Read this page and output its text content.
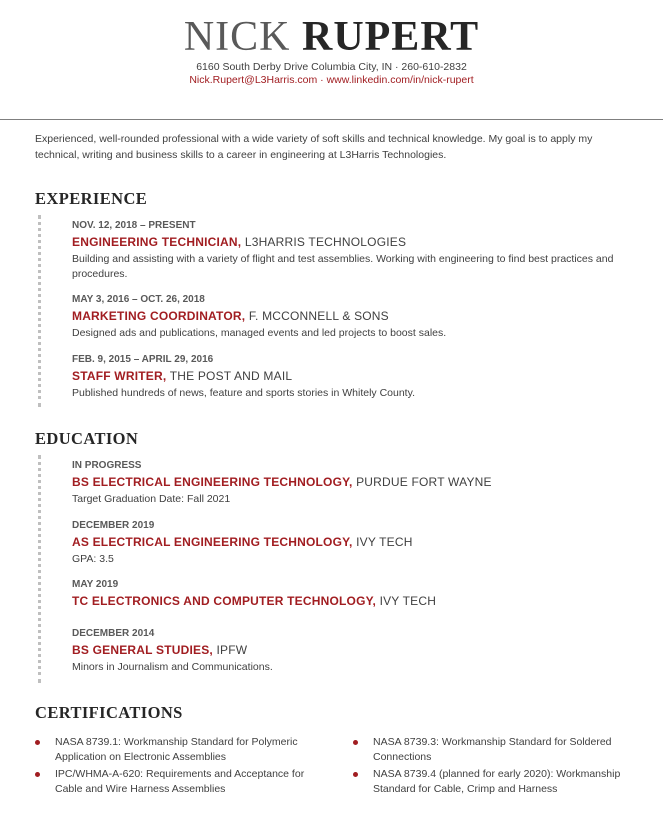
NICK RUPERT
6160 South Derby Drive Columbia City, IN · 260-610-2832
Nick.Rupert@L3Harris.com · www.linkedin.com/in/nick-rupert
Experienced, well-rounded professional with a wide variety of soft skills and technical knowledge. My goal is to apply my technical, writing and business skills to a career in engineering at L3Harris Technologies.
EXPERIENCE
NOV. 12, 2018 – PRESENT
ENGINEERING TECHNICIAN, L3HARRIS TECHNOLOGIES
Building and assisting with a variety of flight and test assemblies. Working with engineering to find best practices and procedures.
MAY 3, 2016 – OCT. 26, 2018
MARKETING COORDINATOR, F. MCCONNELL & SONS
Designed ads and publications, managed events and led projects to boost sales.
FEB. 9, 2015 – APRIL 29, 2016
STAFF WRITER, THE POST AND MAIL
Published hundreds of news, feature and sports stories in Whitely County.
EDUCATION
IN PROGRESS
BS ELECTRICAL ENGINEERING TECHNOLOGY, PURDUE FORT WAYNE
Target Graduation Date: Fall 2021
DECEMBER 2019
AS ELECTRICAL ENGINEERING TECHNOLOGY, IVY TECH
GPA: 3.5
MAY 2019
TC ELECTRONICS AND COMPUTER TECHNOLOGY, IVY TECH
DECEMBER 2014
BS GENERAL STUDIES, IPFW
Minors in Journalism and Communications.
CERTIFICATIONS
NASA 8739.1: Workmanship Standard for Polymeric Application on Electronic Assemblies
IPC/WHMA-A-620: Requirements and Acceptance for Cable and Wire Harness Assemblies
NASA 8739.3: Workmanship Standard for Soldered Connections
NASA 8739.4 (planned for early 2020): Workmanship Standard for Cable, Crimp and Harness
